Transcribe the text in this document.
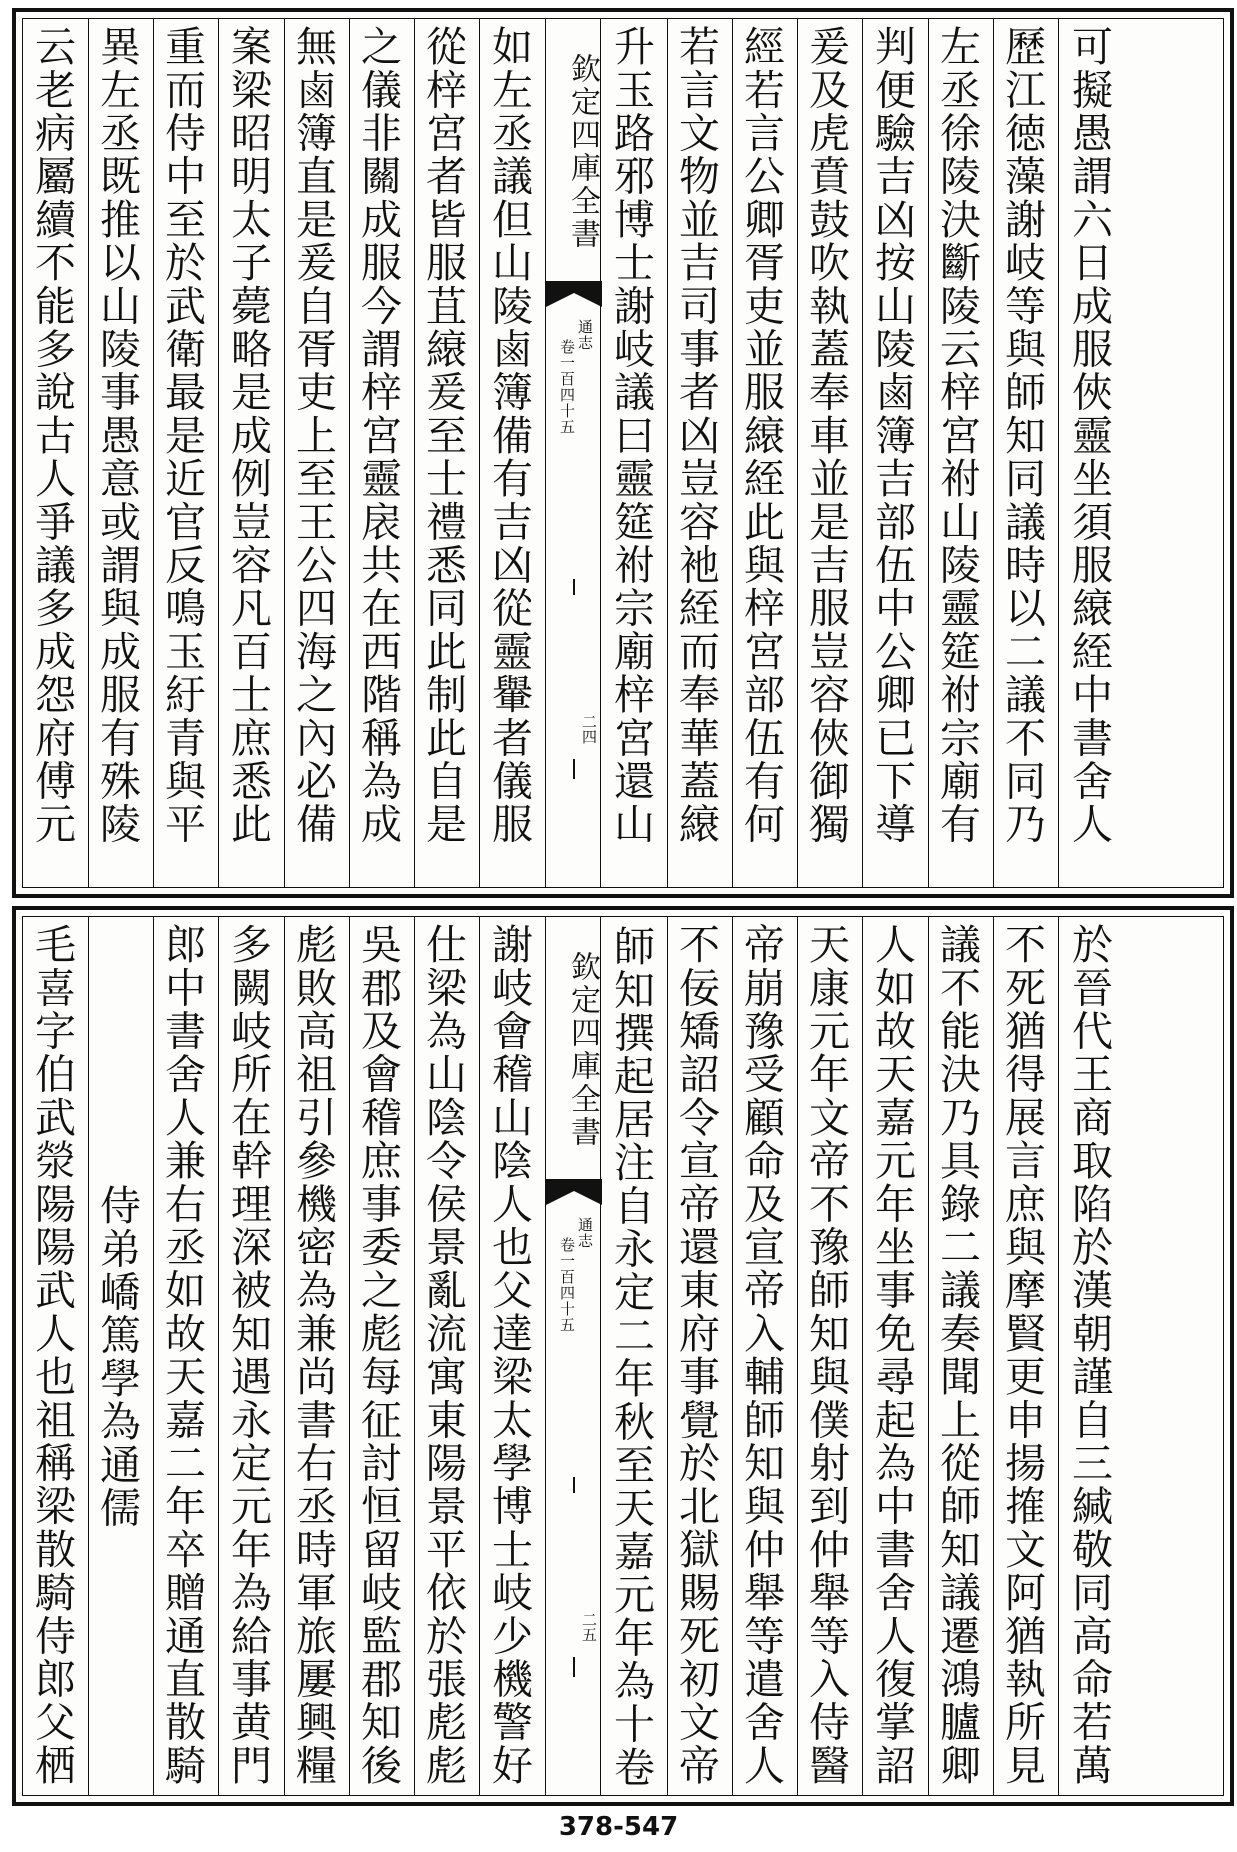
云老病屬續不能多說古人爭議多成怨府傅元
異左丞既推以山陵事愚意或謂與成服有殊陵
重而侍中至於武衛最是近官反鳴玉紆青與平
案梁昭明太子薨略是成例豈容凡百士庶悉此
無鹵簿直是爰自胥吏上至王公四海之內必備
之儀非關成服今謂梓宮靈扆共在西階稱為成
從梓宮者皆服苴縗爰至士禮悉同此制此自是
如左丞議但山陵鹵簿備有吉凶從靈轝者儀服
欽定四庫全書
通志
卷一百四十五
二四
升玉路邪博士謝岐議曰靈筵祔宗廟梓宮還山
若言文物並吉司事者凶豈容衪絰而奉華蓋縗
經若言公卿胥吏並服縗絰此與梓宮部伍有何
爰及虎賁鼓吹執蓋奉車並是吉服豈容俠御獨
判便驗吉凶按山陵鹵簿吉部伍中公卿已下導
左丞徐陵決斷陵云梓宮祔山陵靈筵祔宗廟有
歷江徳藻謝岐等與師知同議時以二議不同乃
可擬愚謂六日成服俠靈坐須服縗絰中書舍人
毛喜字伯武滎陽陽武人也祖稱梁散騎侍郎父栖
侍弟嶠篤學為通儒
郎中書舍人兼右丞如故天嘉二年卒贈通直散騎
多闕岐所在幹理深被知遇永定元年為給事黄門
彪敗高祖引參機密為兼尚書右丞時軍旅屢興糧
吳郡及會稽庶事委之彪每征討恒留岐監郡知後
仕梁為山陰令侯景亂流寓東陽景平依於張彪彪
謝岐會稽山陰人也父達梁太學博士岐少機警好
欽定四庫全書
通志
卷一百四十五
二五 師知撰起居注自永定二年秋至天嘉元年為十卷 不佞矯詔令宣帝還東府事覺於北獄賜死初文帝
帝崩豫受顧命及宣帝入輔師知與仲舉等遣舍人
天康元年文帝不豫師知與僕射到仲舉等入侍醫
人如故天嘉元年坐事免尋起為中書舍人復掌詔
議不能決乃具錄二議奏聞上從師知議遷鴻臚卿
不死猶得展言庶與摩賢更申揚搉文阿猶執所見
於晉代王商取陷於漢朝謹自三緘敬同高命若萬
378-547
